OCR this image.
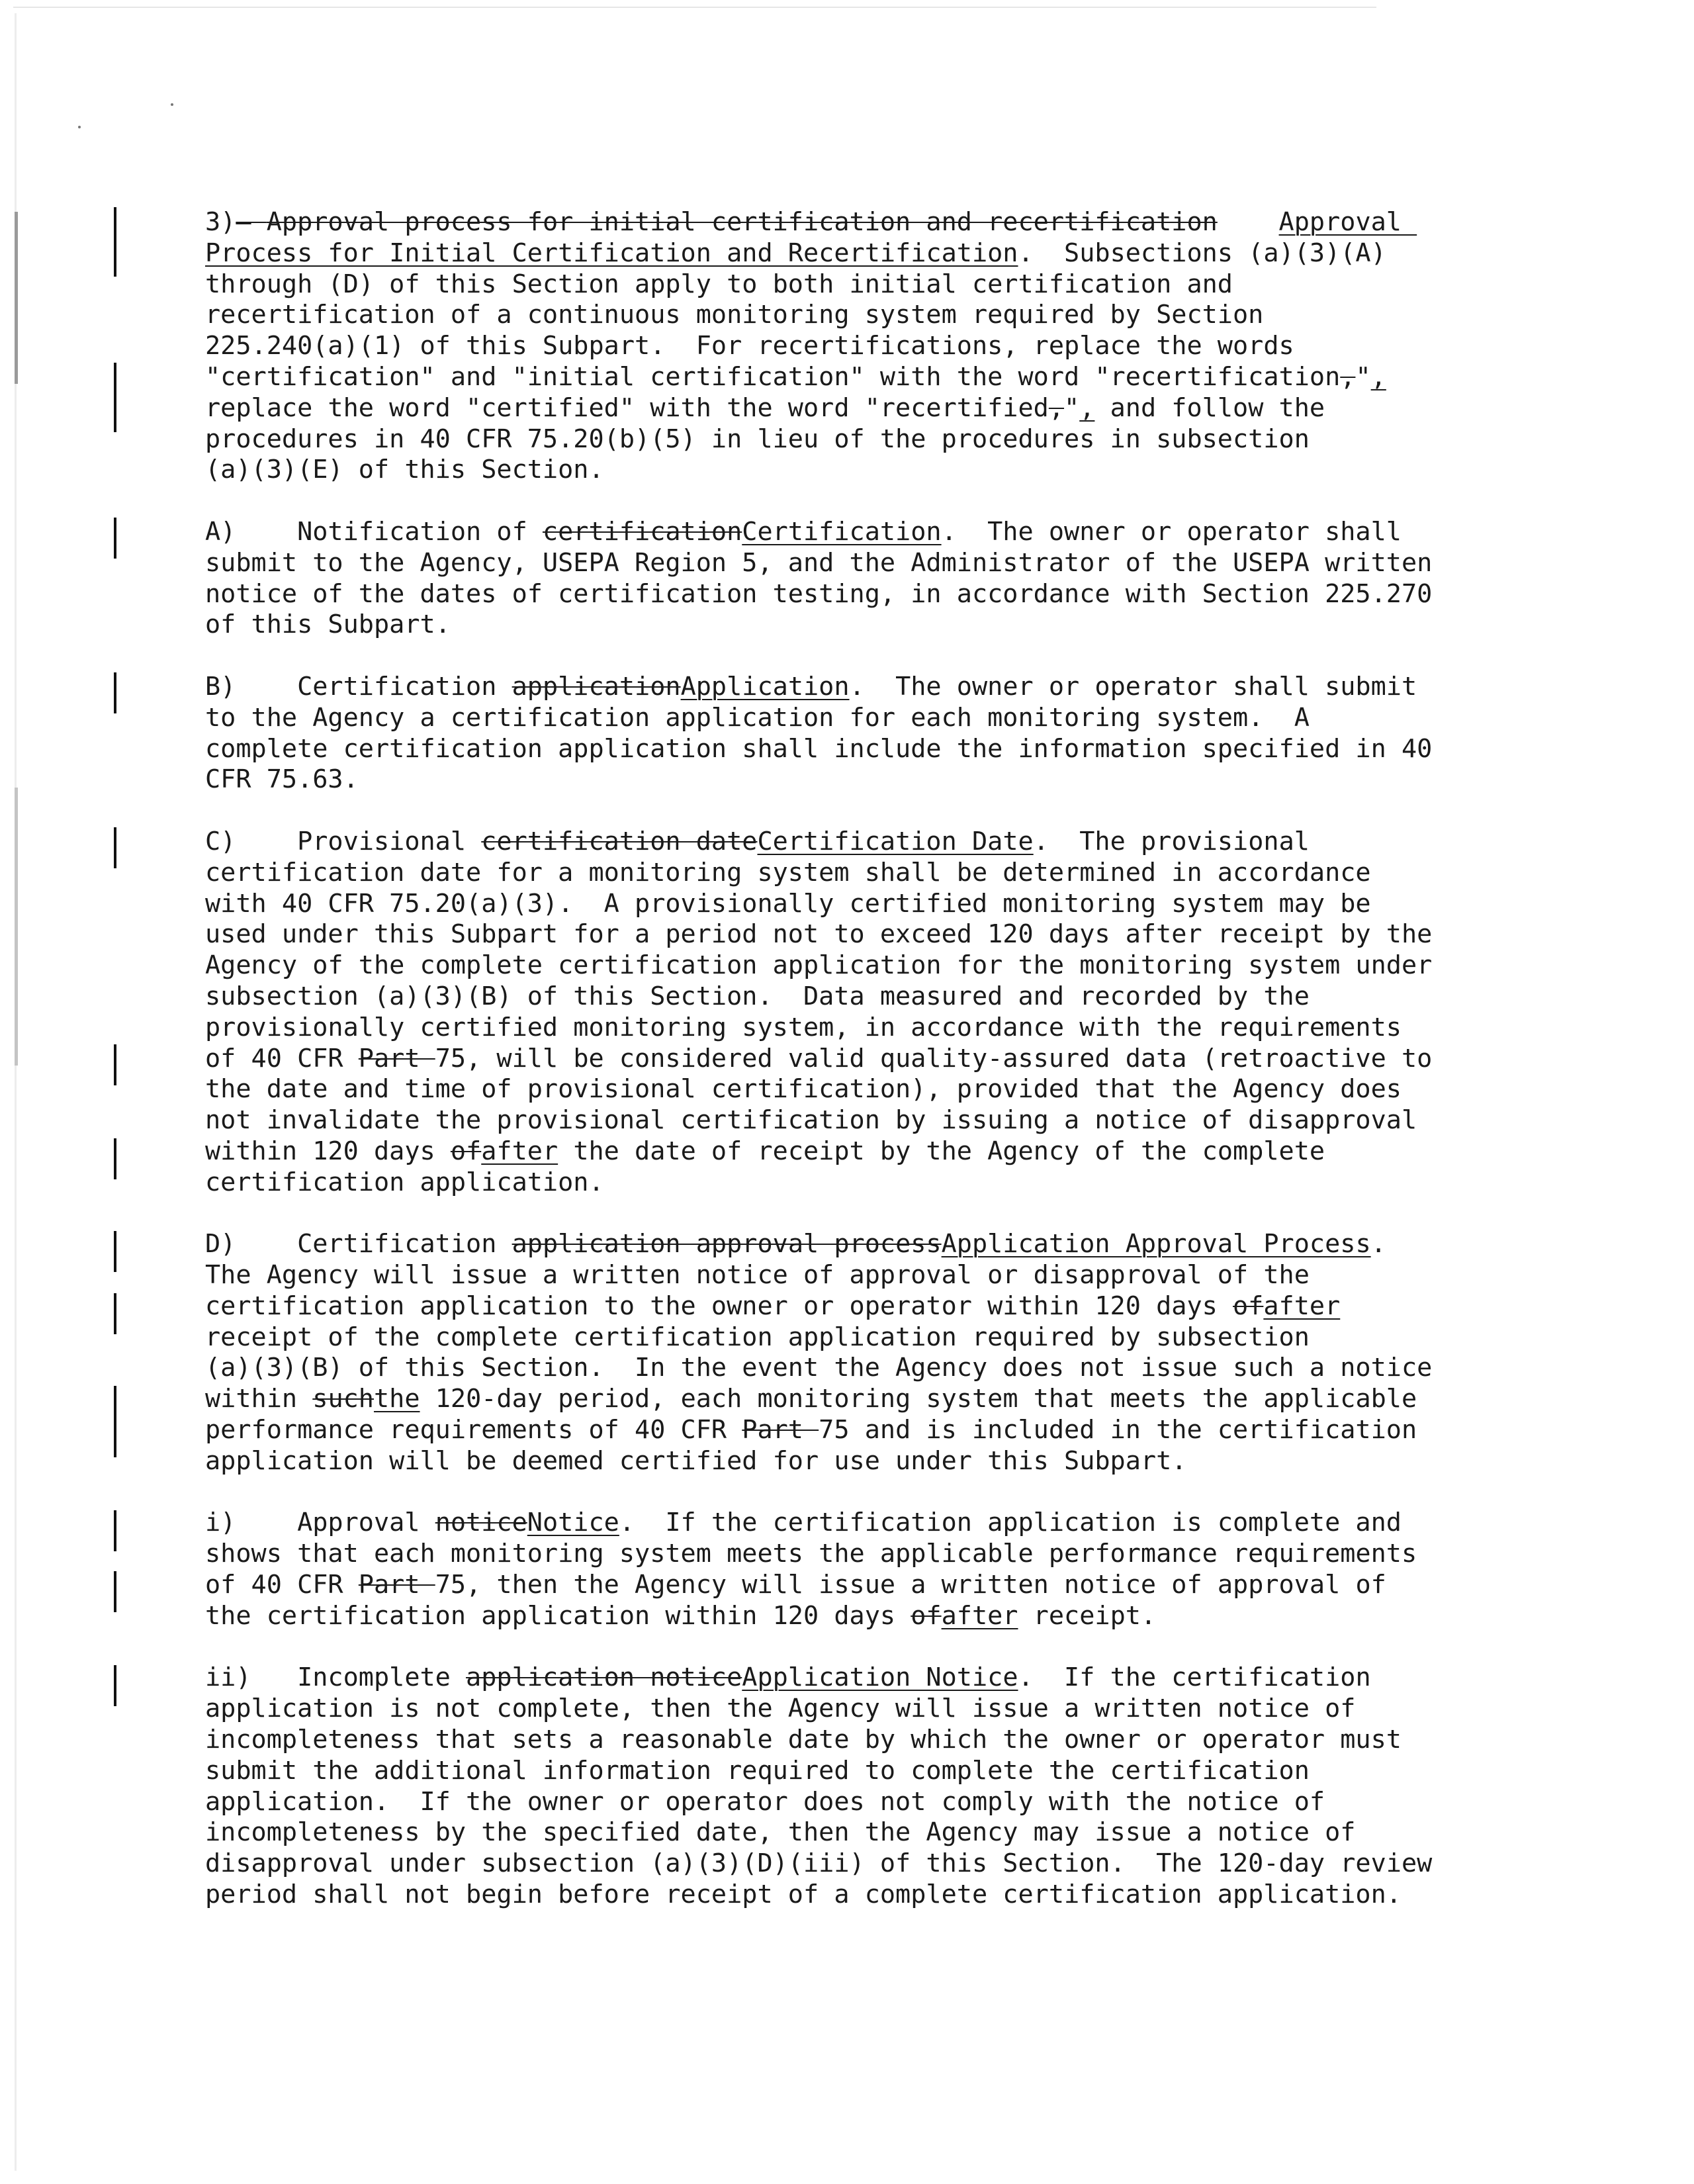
3)— Approval process for initial certification and recertification Approval
Process for Initial Certification and Recertification.  Subsections (a)(3)(A)
through (D) of this Section apply to both initial certification and
recertification of a continuous monitoring system required by Section
225.240(a)(1) of this Subpart.  For recertifications, replace the words
"certification" and "initial certification" with the word "recertification,",
replace the word "certified" with the word "recertified,", and follow the
procedures in 40 CFR 75.20(b)(5) in lieu of the procedures in subsection
(a)(3)(E) of this Section.
A)    Notification of certificationCertification.  The owner or operator shall
submit to the Agency, USEPA Region 5, and the Administrator of the USEPA written
notice of the dates of certification testing, in accordance with Section 225.270
of this Subpart.
B)    Certification applicationApplication.  The owner or operator shall submit
to the Agency a certification application for each monitoring system.  A
complete certification application shall include the information specified in 40
CFR 75.63.
C)    Provisional certification dateCertification Date.  The provisional
certification date for a monitoring system shall be determined in accordance
with 40 CFR 75.20(a)(3).  A provisionally certified monitoring system may be
used under this Subpart for a period not to exceed 120 days after receipt by the
Agency of the complete certification application for the monitoring system under
subsection (a)(3)(B) of this Section.  Data measured and recorded by the
provisionally certified monitoring system, in accordance with the requirements
of 40 CFR Part 75, will be considered valid quality-assured data (retroactive to
the date and time of provisional certification), provided that the Agency does
not invalidate the provisional certification by issuing a notice of disapproval
within 120 days ofafter the date of receipt by the Agency of the complete
certification application.
D)    Certification application approval processApplication Approval Process.
The Agency will issue a written notice of approval or disapproval of the
certification application to the owner or operator within 120 days ofafter
receipt of the complete certification application required by subsection
(a)(3)(B) of this Section.  In the event the Agency does not issue such a notice
within suchthe 120-day period, each monitoring system that meets the applicable
performance requirements of 40 CFR Part 75 and is included in the certification
application will be deemed certified for use under this Subpart.
i)    Approval noticeNotice.  If the certification application is complete and
shows that each monitoring system meets the applicable performance requirements
of 40 CFR Part 75, then the Agency will issue a written notice of approval of
the certification application within 120 days ofafter receipt.
ii)   Incomplete application noticeApplication Notice.  If the certification
application is not complete, then the Agency will issue a written notice of
incompleteness that sets a reasonable date by which the owner or operator must
submit the additional information required to complete the certification
application.  If the owner or operator does not comply with the notice of
incompleteness by the specified date, then the Agency may issue a notice of
disapproval under subsection (a)(3)(D)(iii) of this Section.  The 120-day review
period shall not begin before receipt of a complete certification application.
